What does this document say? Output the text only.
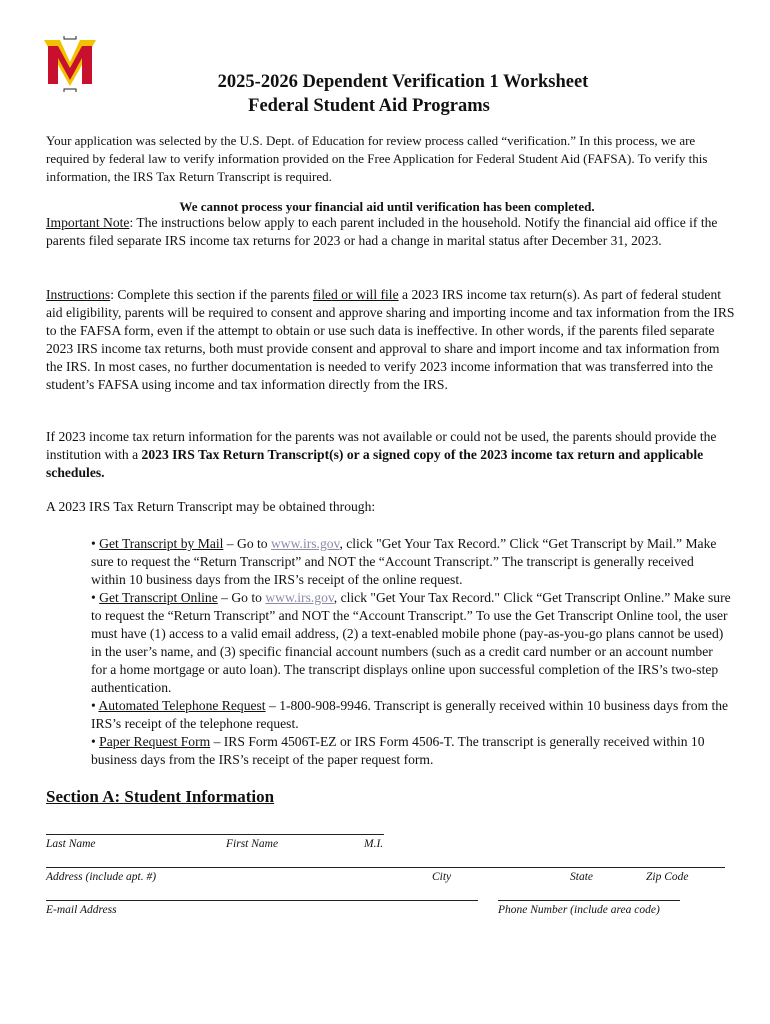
2025-2026 Dependent Verification 1 Worksheet
Federal Student Aid Programs
Your application was selected by the U.S. Dept. of Education for review process called “verification.” In this process, we are required by federal law to verify information provided on the Free Application for Federal Student Aid (FAFSA). To verify this information, the IRS Tax Return Transcript is required.
We cannot process your financial aid until verification has been completed.
Important Note: The instructions below apply to each parent included in the household. Notify the financial aid office if the parents filed separate IRS income tax returns for 2023 or had a change in marital status after December 31, 2023.
Instructions: Complete this section if the parents filed or will file a 2023 IRS income tax return(s). As part of federal student aid eligibility, parents will be required to consent and approve sharing and importing income and tax information from the IRS to the FAFSA form, even if the attempt to obtain or use such data is ineffective. In other words, if the parents filed separate 2023 IRS income tax returns, both must provide consent and approval to share and import income and tax information from the IRS. In most cases, no further documentation is needed to verify 2023 income information that was transferred into the student’s FAFSA using income and tax information directly from the IRS.
If 2023 income tax return information for the parents was not available or could not be used, the parents should provide the institution with a 2023 IRS Tax Return Transcript(s) or a signed copy of the 2023 income tax return and applicable schedules.
A 2023 IRS Tax Return Transcript may be obtained through:
• Get Transcript by Mail – Go to www.irs.gov, click "Get Your Tax Record.” Click “Get Transcript by Mail.” Make sure to request the “Return Transcript” and NOT the “Account Transcript.” The transcript is generally received within 10 business days from the IRS’s receipt of the online request.
• Get Transcript Online – Go to www.irs.gov, click "Get Your Tax Record." Click “Get Transcript Online.” Make sure to request the “Return Transcript” and NOT the “Account Transcript.” To use the Get Transcript Online tool, the user must have (1) access to a valid email address, (2) a text-enabled mobile phone (pay-as-you-go plans cannot be used) in the user’s name, and (3) specific financial account numbers (such as a credit card number or an account number for a home mortgage or auto loan). The transcript displays online upon successful completion of the IRS’s two-step authentication.
• Automated Telephone Request – 1-800-908-9946. Transcript is generally received within 10 business days from the IRS’s receipt of the telephone request.
• Paper Request Form – IRS Form 4506T-EZ or IRS Form 4506-T. The transcript is generally received within 10 business days from the IRS’s receipt of the paper request form.
Section A: Student Information
Last Name	First Name	M.I.
Address (include apt. #)	City	State	Zip Code
E-mail Address	Phone Number (include area code)
